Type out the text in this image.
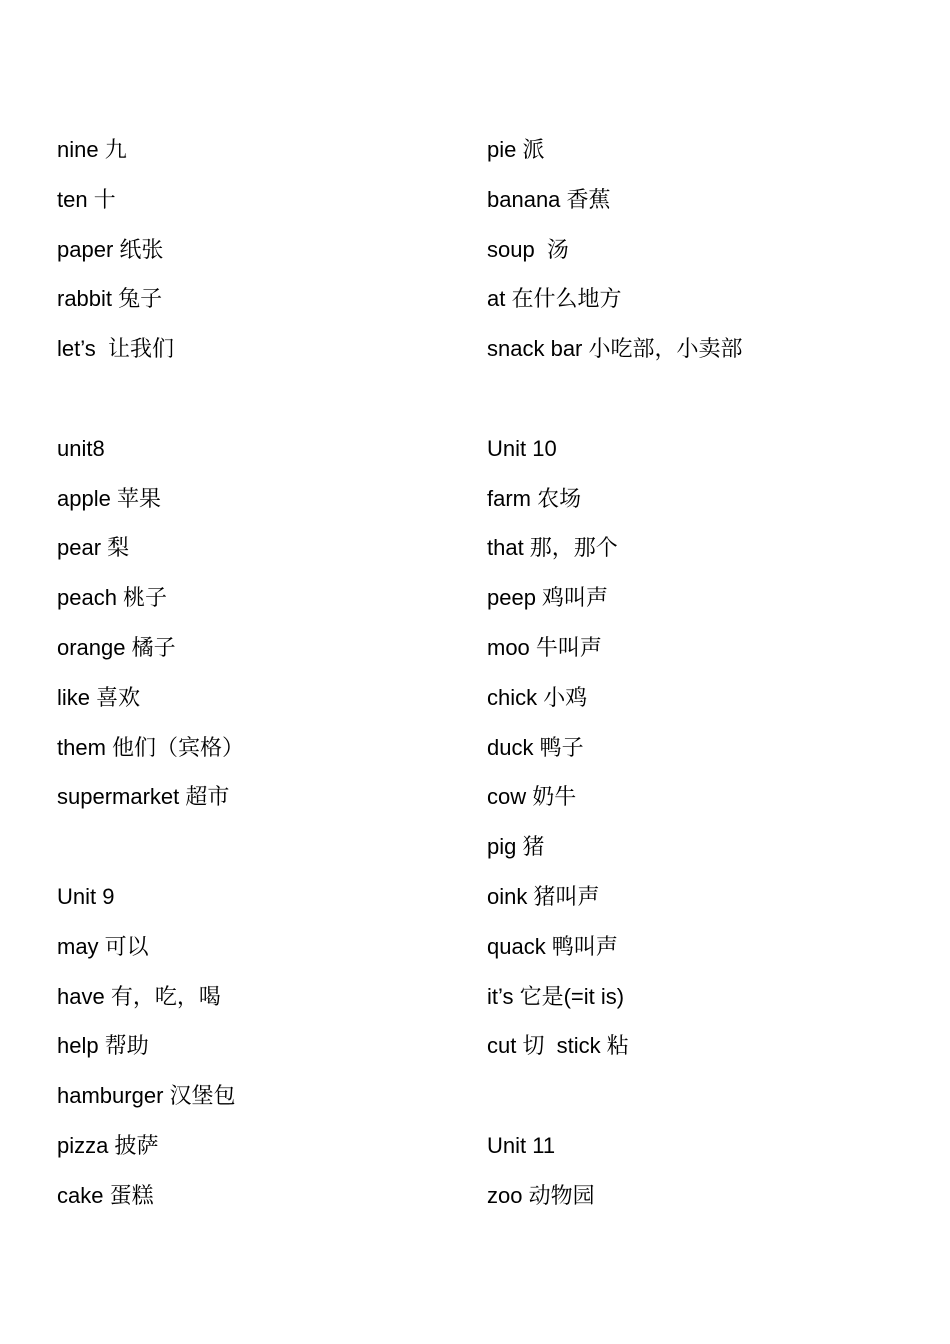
nine 九
ten 十
paper 纸张
rabbit 兔子
let’s  让我们
unit8
apple 苹果
pear 梨
peach 桃子
orange 橘子
like 喜欢
them 他们（宾格）
supermarket 超市
Unit 9
may 可以
have 有，吃，喝
help 帮助
hamburger 汉堡包
pizza 披萨
cake 蛋糕
pie 派
banana 香蕉
soup  汤
at 在什么地方
snack bar 小吃部，小卖部
Unit 10
farm 农场
that 那，那个
peep 鸡叫声
moo 牛叫声
chick 小鸡
duck 鸭子
cow 奶牛
pig 猪
oink 猪叫声
quack 鸭叫声
it’s 它是(=it is)
cut 切  stick 粘
Unit 11
zoo 动物园
